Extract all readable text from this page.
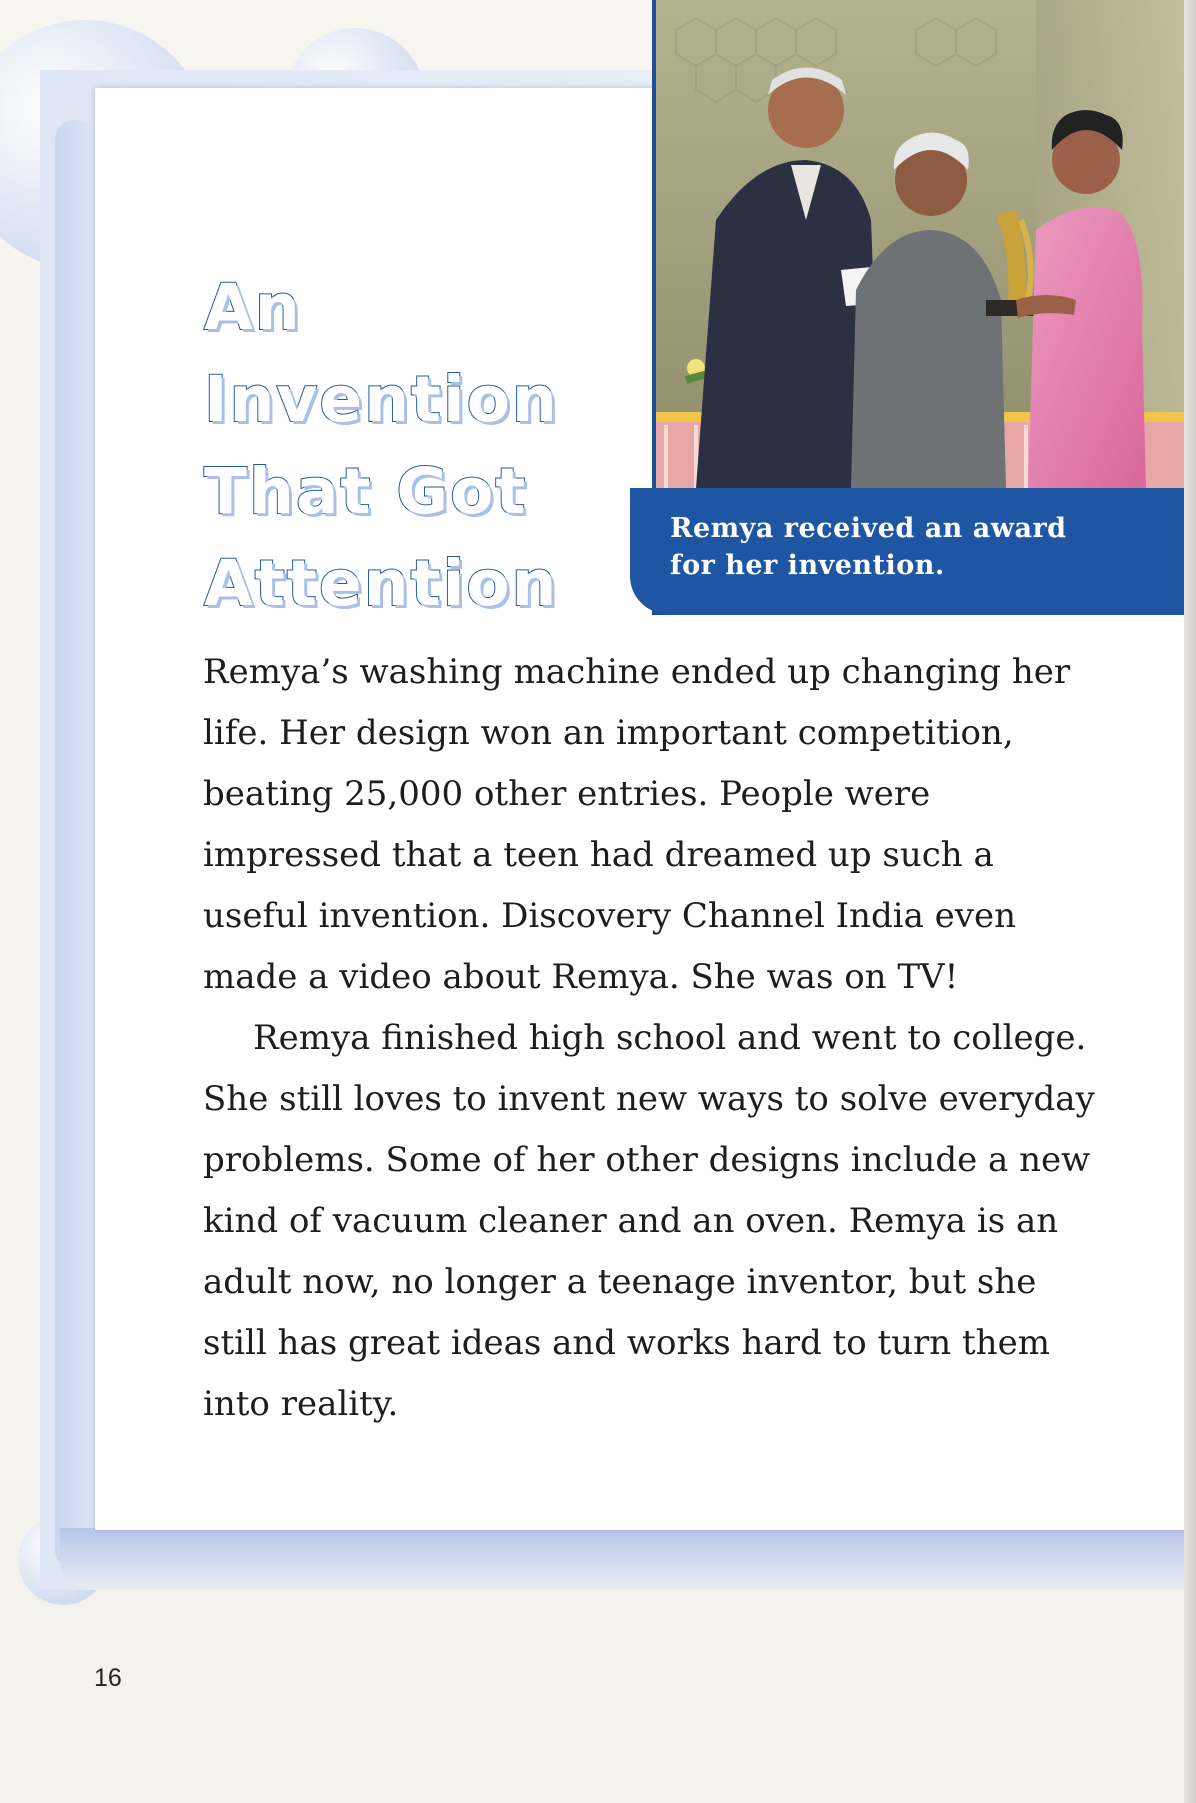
Remya received an award
for her invention.
An
Invention
That Got
Attention

Remya’s washing machine ended up changing her life. Her design won an important competition, beating 25,000 other entries. People were impressed that a teen had dreamed up such a useful invention. Discovery Channel India even made a video about Remya. She was on TV!

Remya finished high school and went to college. She still loves to invent new ways to solve everyday problems. Some of her other designs include a new kind of vacuum cleaner and an oven. Remya is an adult now, no longer a teenage inventor, but she still has great ideas and works hard to turn them into reality.

16
